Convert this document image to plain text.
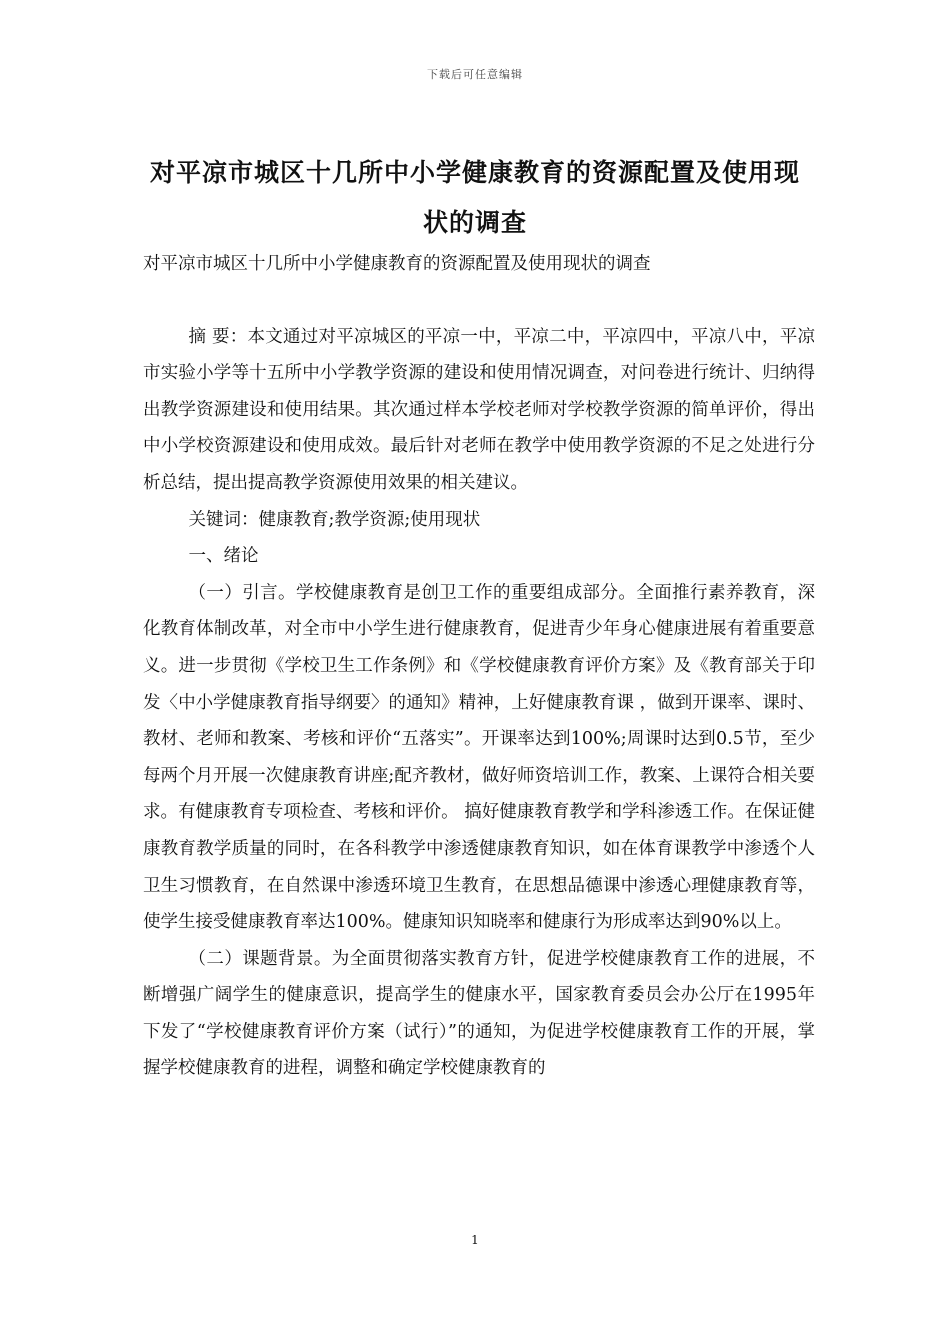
下载后可任意编辑
对平凉市城区十几所中小学健康教育的资源配置及使用现状的调查

对平凉市城区十几所中小学健康教育的资源配置及使用现状的调查

摘 要：本文通过对平凉城区的平凉一中，平凉二中，平凉四中，平凉八中，平凉市实验小学等十五所中小学教学资源的建设和使用情况调查，对问卷进行统计、归纳得出教学资源建设和使用结果。其次通过样本学校老师对学校教学资源的简单评价，得出中小学校资源建设和使用成效。最后针对老师在教学中使用教学资源的不足之处进行分析总结，提出提高教学资源使用效果的相关建议。

关键词：健康教育;教学资源;使用现状

一、绪论

（一）引言。学校健康教育是创卫工作的重要组成部分。全面推行素养教育，深化教育体制改革，对全市中小学生进行健康教育，促进青少年身心健康进展有着重要意义。进一步贯彻《学校卫生工作条例》和《学校健康教育评价方案》及《教育部关于印发〈中小学健康教育指导纲要〉的通知》精神，上好健康教育课 ，做到开课率、课时、教材、老师和教案、考核和评价“五落实”。开课率达到100%;周课时达到0.5节，至少每两个月开展一次健康教育讲座;配齐教材，做好师资培训工作，教案、上课符合相关要求。有健康教育专项检查、考核和评价。 搞好健康教育教学和学科渗透工作。在保证健康教育教学质量的同时，在各科教学中渗透健康教育知识，如在体育课教学中渗透个人卫生习惯教育，在自然课中渗透环境卫生教育，在思想品德课中渗透心理健康教育等，使学生接受健康教育率达100%。健康知识知晓率和健康行为形成率达到90%以上。

（二）课题背景。为全面贯彻落实教育方针，促进学校健康教育工作的进展，不断增强广阔学生的健康意识，提高学生的健康水平，国家教育委员会办公厅在1995年下发了“学校健康教育评价方案（试行）”的通知，为促进学校健康教育工作的开展，掌握学校健康教育的进程，调整和确定学校健康教育的

1
